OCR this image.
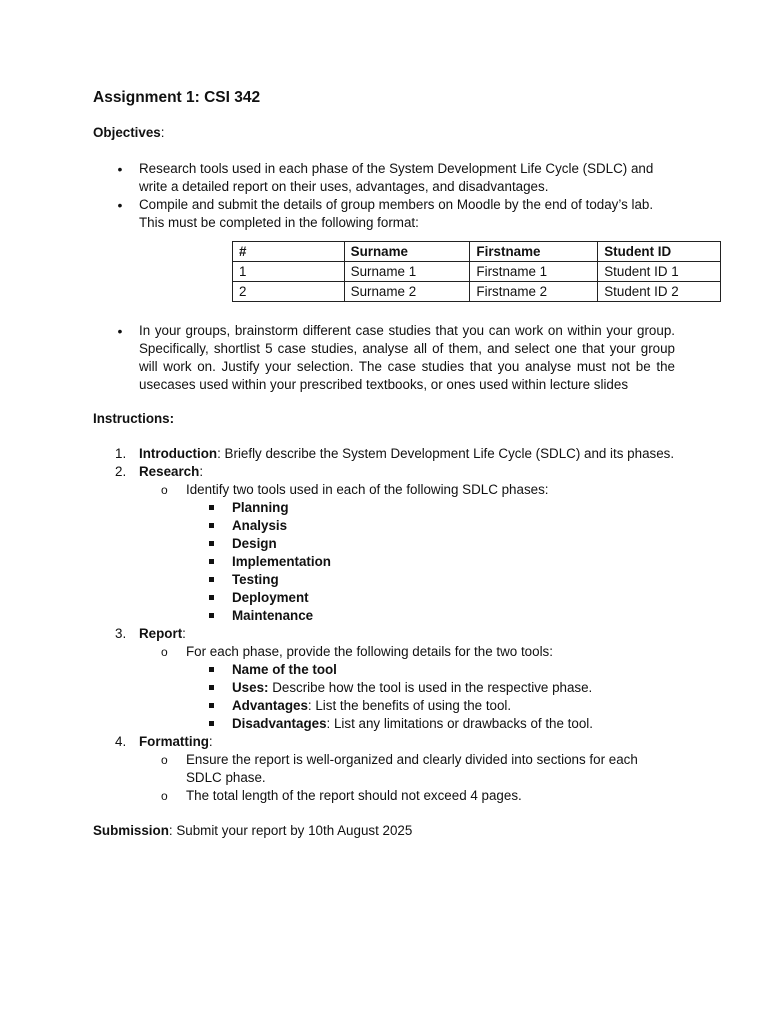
Assignment 1: CSI 342

Objectives:

• Research tools used in each phase of the System Development Life Cycle (SDLC) and write a detailed report on their uses, advantages, and disadvantages.
• Compile and submit the details of group members on Moodle by the end of today’s lab. This must be completed in the following format:
#	Surname	Firstname	Student ID
1	Surname 1	Firstname 1	Student ID 1
2	Surname 2	Firstname 2	Student ID 2
• In your groups, brainstorm different case studies that you can work on within your group. Specifically, shortlist 5 case studies, analyse all of them, and select one that your group will work on. Justify your selection. The case studies that you analyse must not be the usecases used within your prescribed textbooks, or ones used within lecture slides

Instructions:

1. Introduction: Briefly describe the System Development Life Cycle (SDLC) and its phases.
2. Research:
o Identify two tools used in each of the following SDLC phases:
Planning
Analysis
Design
Implementation
Testing
Deployment
Maintenance
3. Report:
o For each phase, provide the following details for the two tools:
Name of the tool
Uses: Describe how the tool is used in the respective phase.
Advantages: List the benefits of using the tool.
Disadvantages: List any limitations or drawbacks of the tool.
4. Formatting:
o Ensure the report is well-organized and clearly divided into sections for each SDLC phase.
o The total length of the report should not exceed 4 pages.

Submission: Submit your report by 10th August 2025
